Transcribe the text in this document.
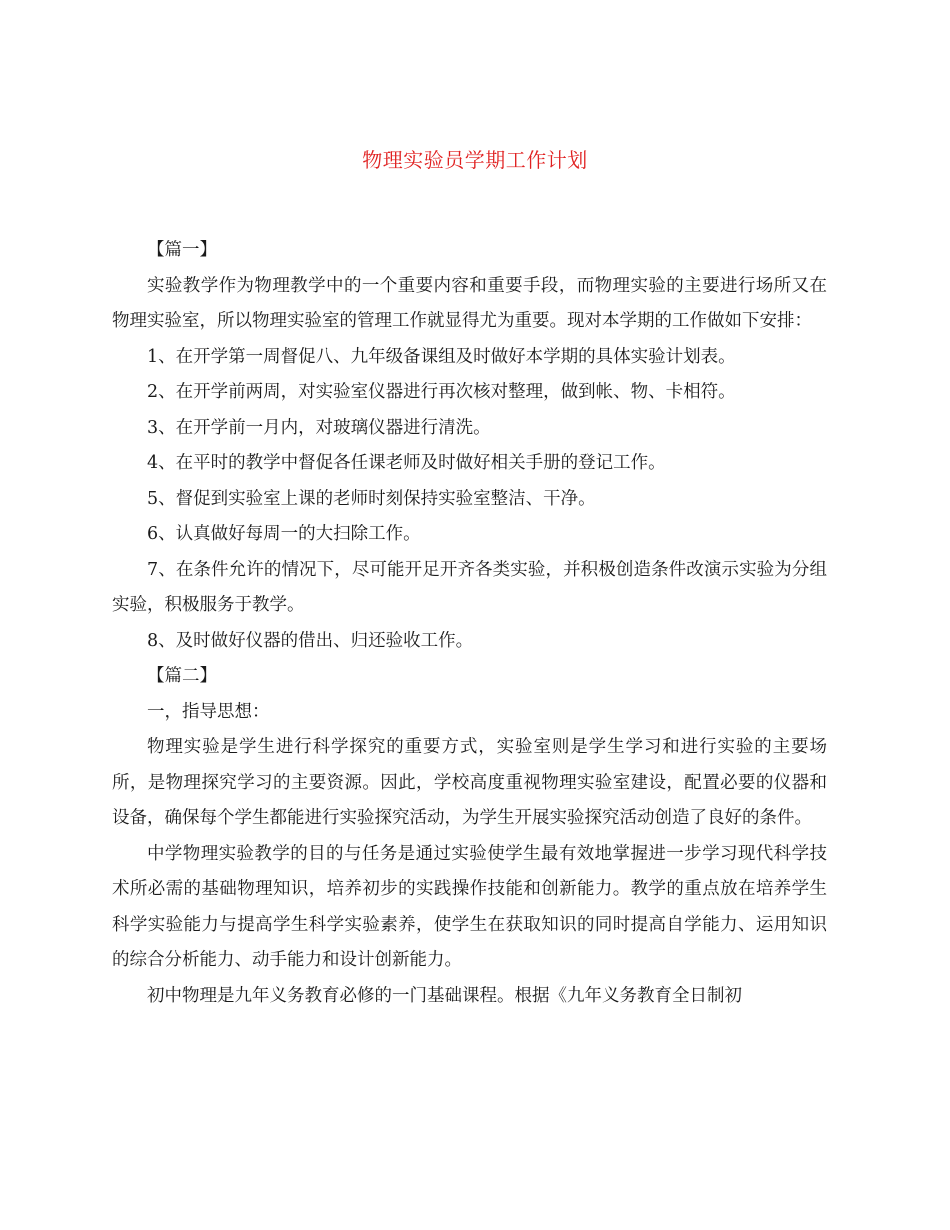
物理实验员学期工作计划

【篇一】

实验教学作为物理教学中的一个重要内容和重要手段，而物理实验的主要进行场所又在物理实验室，所以物理实验室的管理工作就显得尤为重要。现对本学期的工作做如下安排：

1、在开学第一周督促八、九年级备课组及时做好本学期的具体实验计划表。

2、在开学前两周，对实验室仪器进行再次核对整理，做到帐、物、卡相符。

3、在开学前一月内，对玻璃仪器进行清洗。

4、在平时的教学中督促各任课老师及时做好相关手册的登记工作。

5、督促到实验室上课的老师时刻保持实验室整洁、干净。

6、认真做好每周一的大扫除工作。

7、在条件允许的情况下，尽可能开足开齐各类实验，并积极创造条件改演示实验为分组实验，积极服务于教学。

8、及时做好仪器的借出、归还验收工作。

【篇二】

一，指导思想：

物理实验是学生进行科学探究的重要方式，实验室则是学生学习和进行实验的主要场所，是物理探究学习的主要资源。因此，学校高度重视物理实验室建设，配置必要的仪器和设备，确保每个学生都能进行实验探究活动，为学生开展实验探究活动创造了良好的条件。

中学物理实验教学的目的与任务是通过实验使学生最有效地掌握进一步学习现代科学技术所必需的基础物理知识，培养初步的实践操作技能和创新能力。教学的重点放在培养学生科学实验能力与提高学生科学实验素养，使学生在获取知识的同时提高自学能力、运用知识的综合分析能力、动手能力和设计创新能力。

初中物理是九年义务教育必修的一门基础课程。根据《九年义务教育全日制初
